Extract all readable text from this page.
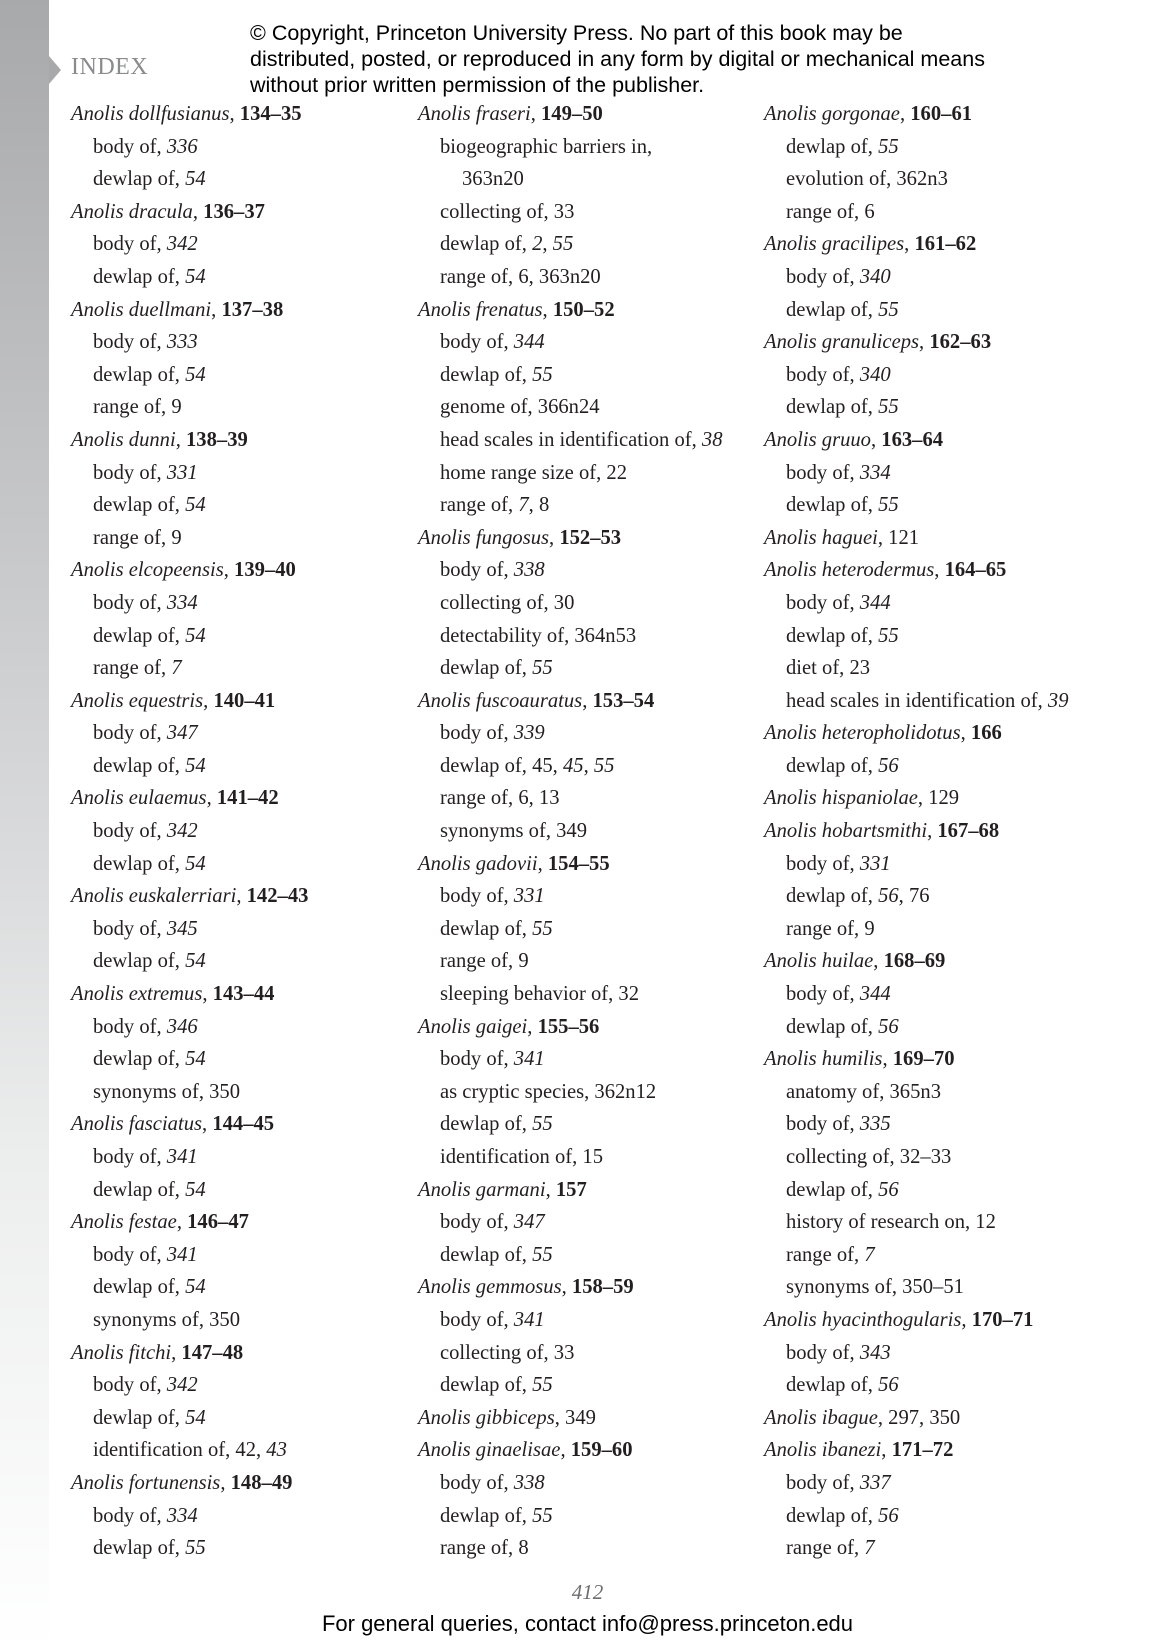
INDEX
© Copyright, Princeton University Press. No part of this book may be distributed, posted, or reproduced in any form by digital or mechanical means without prior written permission of the publisher.
Anolis dollfusianus, 134–35
body of, 336
dewlap of, 54
Anolis dracula, 136–37
body of, 342
dewlap of, 54
Anolis duellmani, 137–38
body of, 333
dewlap of, 54
range of, 9
Anolis dunni, 138–39
body of, 331
dewlap of, 54
range of, 9
Anolis elcopeensis, 139–40
body of, 334
dewlap of, 54
range of, 7
Anolis equestris, 140–41
body of, 347
dewlap of, 54
Anolis eulaemus, 141–42
body of, 342
dewlap of, 54
Anolis euskalerriari, 142–43
body of, 345
dewlap of, 54
Anolis extremus, 143–44
body of, 346
dewlap of, 54
synonyms of, 350
Anolis fasciatus, 144–45
body of, 341
dewlap of, 54
Anolis festae, 146–47
body of, 341
dewlap of, 54
synonyms of, 350
Anolis fitchi, 147–48
body of, 342
dewlap of, 54
identification of, 42, 43
Anolis fortunensis, 148–49
body of, 334
dewlap of, 55
Anolis fraseri, 149–50
biogeographic barriers in,
363n20
collecting of, 33
dewlap of, 2, 55
range of, 6, 363n20
Anolis frenatus, 150–52
body of, 344
dewlap of, 55
genome of, 366n24
head scales in identification of, 38
home range size of, 22
range of, 7, 8
Anolis fungosus, 152–53
body of, 338
collecting of, 30
detectability of, 364n53
dewlap of, 55
Anolis fuscoauratus, 153–54
body of, 339
dewlap of, 45, 45, 55
range of, 6, 13
synonyms of, 349
Anolis gadovii, 154–55
body of, 331
dewlap of, 55
range of, 9
sleeping behavior of, 32
Anolis gaigei, 155–56
body of, 341
as cryptic species, 362n12
dewlap of, 55
identification of, 15
Anolis garmani, 157
body of, 347
dewlap of, 55
Anolis gemmosus, 158–59
body of, 341
collecting of, 33
dewlap of, 55
Anolis gibbiceps, 349
Anolis ginaelisae, 159–60
body of, 338
dewlap of, 55
range of, 8
Anolis gorgonae, 160–61
dewlap of, 55
evolution of, 362n3
range of, 6
Anolis gracilipes, 161–62
body of, 340
dewlap of, 55
Anolis granuliceps, 162–63
body of, 340
dewlap of, 55
Anolis gruuo, 163–64
body of, 334
dewlap of, 55
Anolis haguei, 121
Anolis heterodermus, 164–65
body of, 344
dewlap of, 55
diet of, 23
head scales in identification of, 39
Anolis heteropholidotus, 166
dewlap of, 56
Anolis hispaniolae, 129
Anolis hobartsmithi, 167–68
body of, 331
dewlap of, 56, 76
range of, 9
Anolis huilae, 168–69
body of, 344
dewlap of, 56
Anolis humilis, 169–70
anatomy of, 365n3
body of, 335
collecting of, 32–33
dewlap of, 56
history of research on, 12
range of, 7
synonyms of, 350–51
Anolis hyacinthogularis, 170–71
body of, 343
dewlap of, 56
Anolis ibague, 297, 350
Anolis ibanezi, 171–72
body of, 337
dewlap of, 56
range of, 7
412
For general queries, contact info@press.princeton.edu
